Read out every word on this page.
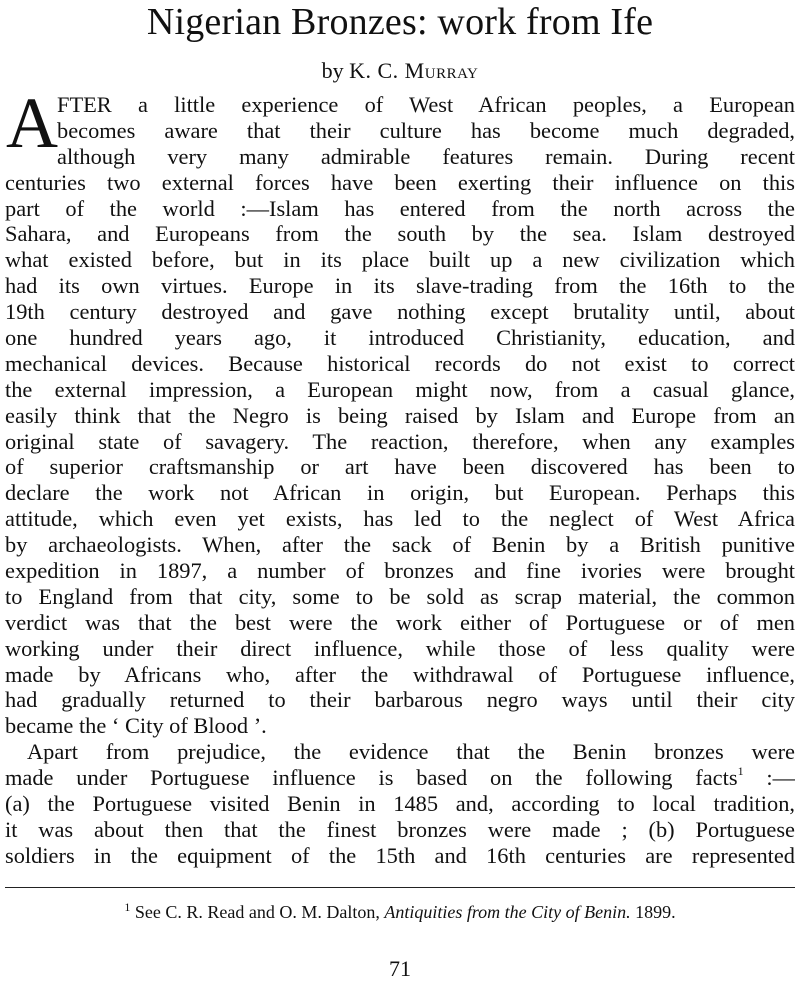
Nigerian Bronzes: work from Ife
by K. C. Murray
A FTER a little experience of West African peoples, a European
becomes aware that their culture has become much degraded,
although very many admirable features remain. During recent
centuries two external forces have been exerting their influence on this
part of the world :—Islam has entered from the north across the
Sahara, and Europeans from the south by the sea. Islam destroyed
what existed before, but in its place built up a new civilization which
had its own virtues. Europe in its slave-trading from the 16th to the
19th century destroyed and gave nothing except brutality until, about
one hundred years ago, it introduced Christianity, education, and
mechanical devices. Because historical records do not exist to correct
the external impression, a European might now, from a casual glance,
easily think that the Negro is being raised by Islam and Europe from an
original state of savagery. The reaction, therefore, when any examples
of superior craftsmanship or art have been discovered has been to
declare the work not African in origin, but European. Perhaps this
attitude, which even yet exists, has led to the neglect of West Africa
by archaeologists. When, after the sack of Benin by a British punitive
expedition in 1897, a number of bronzes and fine ivories were brought
to England from that city, some to be sold as scrap material, the common
verdict was that the best were the work either of Portuguese or of men
working under their direct influence, while those of less quality were
made by Africans who, after the withdrawal of Portuguese influence,
had gradually returned to their barbarous negro ways until their city
became the ‘ City of Blood ’.
Apart from prejudice, the evidence that the Benin bronzes were
made under Portuguese influence is based on the following facts$^1$ :—
(a) the Portuguese visited Benin in 1485 and, according to local tradition,
it was about then that the finest bronzes were made ; (b) Portuguese
soldiers in the equipment of the 15th and 16th centuries are represented
$^1$ See C. R. Read and O. M. Dalton, Antiquities from the City of Benin. 1899.
71
